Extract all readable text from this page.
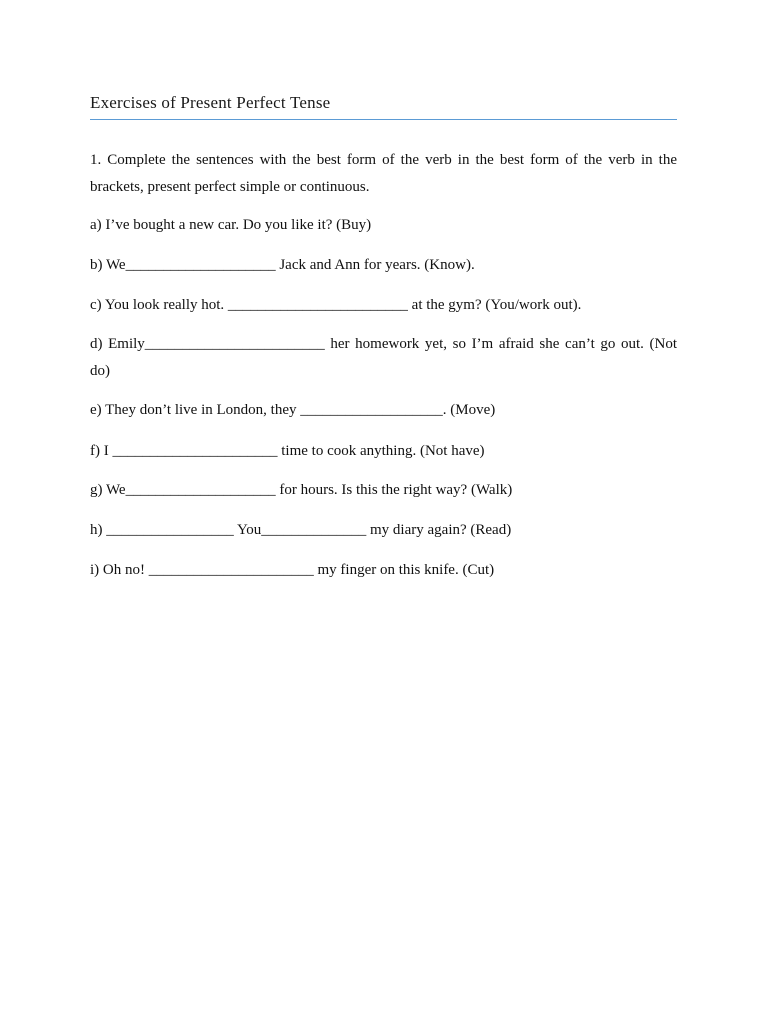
Exercises of Present Perfect Tense
1. Complete the sentences with the best form of the verb in the best form of the verb in the brackets, present perfect simple or continuous.
a) I’ve bought a new car. Do you like it? (Buy)
b) We____________________ Jack and Ann for years. (Know).
c) You look really hot. ________________________ at the gym? (You/work out).
d) Emily________________________ her homework yet, so I’m afraid she can’t go out. (Not do)
e) They don’t live in London, they ___________________. (Move)
f) I ______________________ time to cook anything. (Not have)
g) We____________________ for hours. Is this the right way? (Walk)
h) _________________ You______________ my diary again? (Read)
i) Oh no! ______________________ my finger on this knife. (Cut)
